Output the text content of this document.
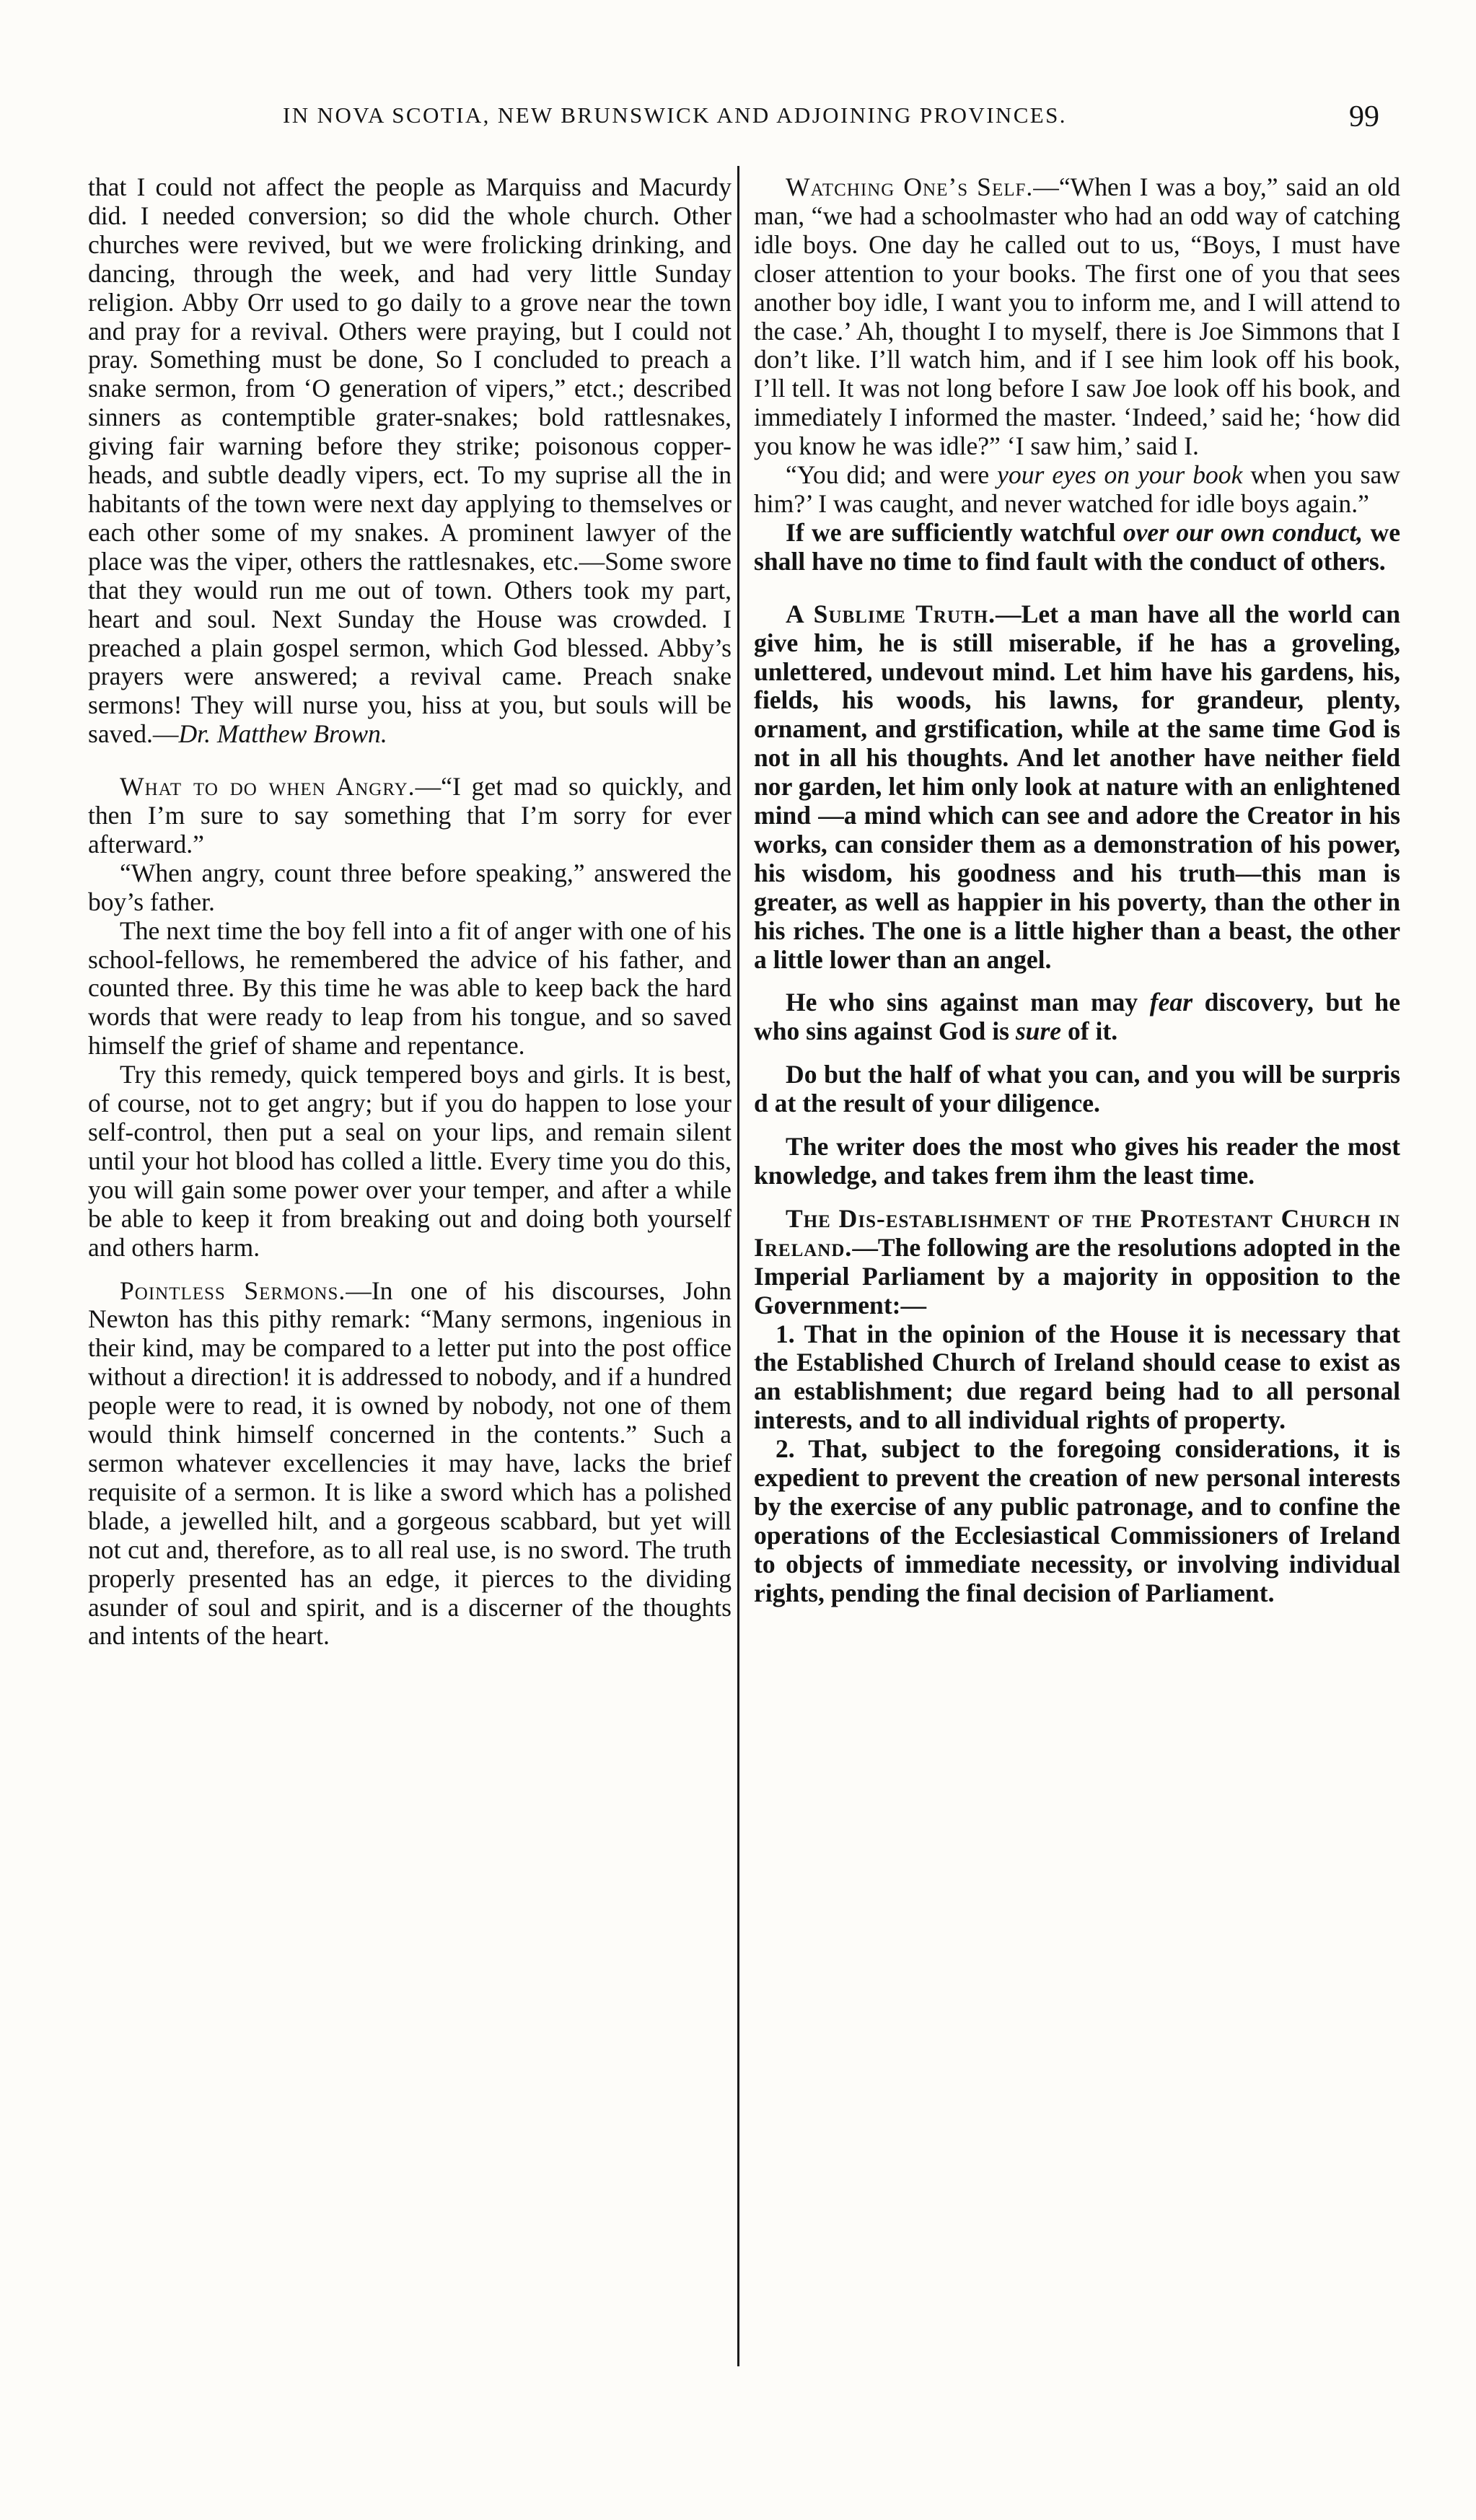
IN NOVA SCOTIA, NEW BRUNSWICK AND ADJOINING PROVINCES.	99

that I could not affect the people as Marquiss and Macurdy did. I needed conversion; so did the whole church. Other churches were revived, but we were frolicking drinking, and dancing, through the week, and had very little Sunday religion. Abby Orr used to go daily to a grove near the town and pray for a revival. Others were praying, but I could not pray. Something must be done, So I concluded to preach a snake sermon, from ‘O generation of vipers,” etct.; described sinners as contemptible grater-snakes; bold rattlesnakes, giving fair warning before they strike; poisonous copper-heads, and subtle deadly vipers, ect. To my suprise all the in habitants of the town were next day applying to themselves or each other some of my snakes. A prominent lawyer of the place was the viper, others the rattlesnakes, etc.—Some swore that they would run me out of town. Others took my part, heart and soul. Next Sunday the House was crowded. I preached a plain gospel sermon, which God blessed. Abby’s prayers were answered; a revival came. Preach snake sermons! They will nurse you, hiss at you, but souls will be saved.—Dr. Matthew Brown.

What to do when Angry.—“I get mad so quickly, and then I’m sure to say something that I’m sorry for ever afterward.”

“When angry, count three before speaking,” answered the boy’s father.

The next time the boy fell into a fit of anger with one of his school-fellows, he remembered the advice of his father, and counted three. By this time he was able to keep back the hard words that were ready to leap from his tongue, and so saved himself the grief of shame and repentance.

Try this remedy, quick tempered boys and girls. It is best, of course, not to get angry; but if you do happen to lose your self-control, then put a seal on your lips, and remain silent until your hot blood has colled a little. Every time you do this, you will gain some power over your temper, and after a while be able to keep it from breaking out and doing both yourself and others harm.

Pointless Sermons.—In one of his discourses, John Newton has this pithy remark: “Many sermons, ingenious in their kind, may be compared to a letter put into the post office without a direction! it is addressed to nobody, and if a hundred people were to read, it is owned by nobody, not one of them would think himself concerned in the contents.” Such a sermon whatever excellencies it may have, lacks the brief requisite of a sermon. It is like a sword which has a polished blade, a jewelled hilt, and a gorgeous scabbard, but yet will not cut and, therefore, as to all real use, is no sword. The truth properly presented has an edge, it pierces to the dividing asunder of soul and spirit, and is a discerner of the thoughts and intents of the heart.

Watching One’s Self.—“When I was a boy,” said an old man, “we had a schoolmaster who had an odd way of catching idle boys. One day he called out to us, “Boys, I must have closer attention to your books. The first one of you that sees another boy idle, I want you to inform me, and I will attend to the case.’ Ah, thought I to myself, there is Joe Simmons that I don’t like. I’ll watch him, and if I see him look off his book, I’ll tell. It was not long before I saw Joe look off his book, and immediately I informed the master. ‘Indeed,’ said he; ‘how did you know he was idle?” ‘I saw him,’ said I.

“You did; and were your eyes on your book when you saw him?’ I was caught, and never watched for idle boys again.”

If we are sufficiently watchful over our own conduct, we shall have no time to find fault with the conduct of others.

A Sublime Truth.—Let a man have all the world can give him, he is still miserable, if he has a groveling, unlettered, undevout mind. Let him have his gardens, his, fields, his woods, his lawns, for grandeur, plenty, ornament, and grstification, while at the same time God is not in all his thoughts. And let another have neither field nor garden, let him only look at nature with an enlightened mind —a mind which can see and adore the Creator in his works, can consider them as a demonstration of his power, his wisdom, his goodness and his truth—this man is greater, as well as happier in his poverty, than the other in his riches. The one is a little higher than a beast, the other a little lower than an angel.

He who sins against man may fear discovery, but he who sins against God is sure of it.

Do but the half of what you can, and you will be surpris d at the result of your diligence.

The writer does the most who gives his reader the most knowledge, and takes frem ihm the least time.

The Dis-establishment of the Protestant Church in Ireland.—The following are the resolutions adopted in the Imperial Parliament by a majority in opposition to the Government:—

1. That in the opinion of the House it is necessary that the Established Church of Ireland should cease to exist as an establishment; due regard being had to all personal interests, and to all individual rights of property.

2. That, subject to the foregoing considerations, it is expedient to prevent the creation of new personal interests by the exercise of any public patronage, and to confine the operations of the Ecclesiastical Commissioners of Ireland to objects of immediate necessity, or involving individual rights, pending the final decision of Parliament.
